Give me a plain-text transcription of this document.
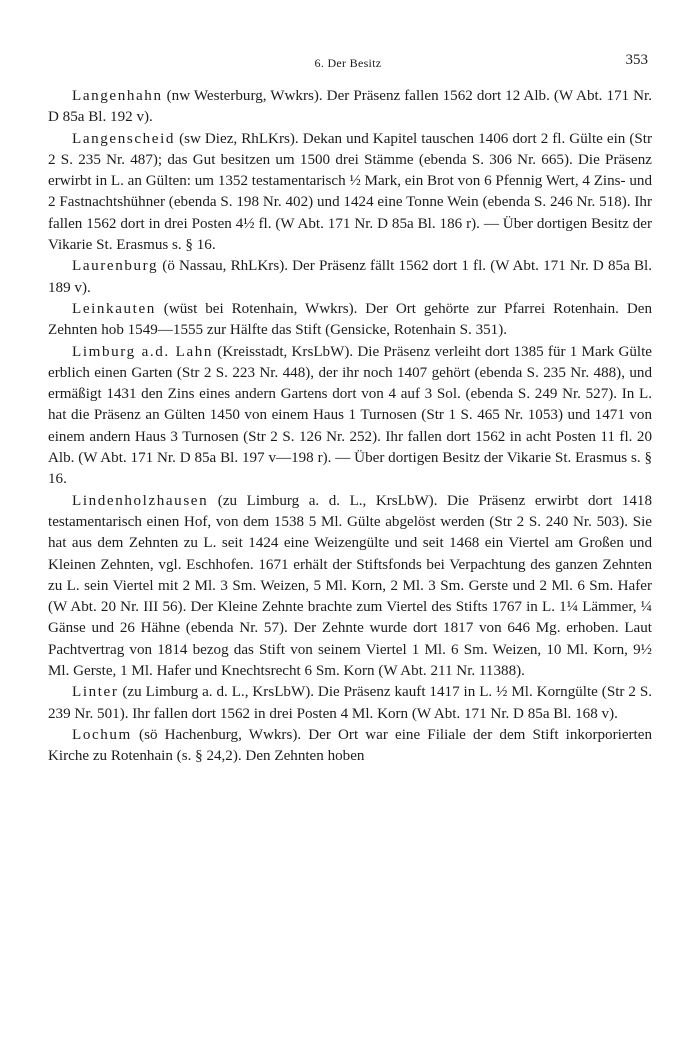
6. Der Besitz	353

Langenhahn (nw Westerburg, Wwkrs). Der Präsenz fallen 1562 dort 12 Alb. (W Abt. 171 Nr. D 85a Bl. 192 v).

Langenscheid (sw Diez, RhLKrs). Dekan und Kapitel tauschen 1406 dort 2 fl. Gülte ein (Str 2 S. 235 Nr. 487); das Gut besitzen um 1500 drei Stämme (ebenda S. 306 Nr. 665). Die Präsenz erwirbt in L. an Gülten: um 1352 testamentarisch ½ Mark, ein Brot von 6 Pfennig Wert, 4 Zins- und 2 Fastnachtshühner (ebenda S. 198 Nr. 402) und 1424 eine Tonne Wein (ebenda S. 246 Nr. 518). Ihr fallen 1562 dort in drei Posten 4½ fl. (W Abt. 171 Nr. D 85a Bl. 186 r). — Über dortigen Besitz der Vikarie St. Erasmus s. § 16.

Laurenburg (ö Nassau, RhLKrs). Der Präsenz fällt 1562 dort 1 fl. (W Abt. 171 Nr. D 85a Bl. 189 v).

Leinkauten (wüst bei Rotenhain, Wwkrs). Der Ort gehörte zur Pfarrei Rotenhain. Den Zehnten hob 1549—1555 zur Hälfte das Stift (Gensicke, Rotenhain S. 351).

Limburg a.d. Lahn (Kreisstadt, KrsLbW). Die Präsenz verleiht dort 1385 für 1 Mark Gülte erblich einen Garten (Str 2 S. 223 Nr. 448), der ihr noch 1407 gehört (ebenda S. 235 Nr. 488), und ermäßigt 1431 den Zins eines andern Gartens dort von 4 auf 3 Sol. (ebenda S. 249 Nr. 527). In L. hat die Präsenz an Gülten 1450 von einem Haus 1 Turnosen (Str 1 S. 465 Nr. 1053) und 1471 von einem andern Haus 3 Turnosen (Str 2 S. 126 Nr. 252). Ihr fallen dort 1562 in acht Posten 11 fl. 20 Alb. (W Abt. 171 Nr. D 85a Bl. 197 v—198 r). — Über dortigen Besitz der Vikarie St. Erasmus s. § 16.

Lindenholzhausen (zu Limburg a. d. L., KrsLbW). Die Präsenz erwirbt dort 1418 testamentarisch einen Hof, von dem 1538 5 Ml. Gülte abgelöst werden (Str 2 S. 240 Nr. 503). Sie hat aus dem Zehnten zu L. seit 1424 eine Weizengülte und seit 1468 ein Viertel am Großen und Kleinen Zehnten, vgl. Eschhofen. 1671 erhält der Stiftsfonds bei Verpachtung des ganzen Zehnten zu L. sein Viertel mit 2 Ml. 3 Sm. Weizen, 5 Ml. Korn, 2 Ml. 3 Sm. Gerste und 2 Ml. 6 Sm. Hafer (W Abt. 20 Nr. III 56). Der Kleine Zehnte brachte zum Viertel des Stifts 1767 in L. 1¼ Lämmer, ¼ Gänse und 26 Hähne (ebenda Nr. 57). Der Zehnte wurde dort 1817 von 646 Mg. erhoben. Laut Pachtvertrag von 1814 bezog das Stift von seinem Viertel 1 Ml. 6 Sm. Weizen, 10 Ml. Korn, 9½ Ml. Gerste, 1 Ml. Hafer und Knechtsrecht 6 Sm. Korn (W Abt. 211 Nr. 11388).

Linter (zu Limburg a. d. L., KrsLbW). Die Präsenz kauft 1417 in L. ½ Ml. Korngülte (Str 2 S. 239 Nr. 501). Ihr fallen dort 1562 in drei Posten 4 Ml. Korn (W Abt. 171 Nr. D 85a Bl. 168 v).

Lochum (sö Hachenburg, Wwkrs). Der Ort war eine Filiale der dem Stift inkorporierten Kirche zu Rotenhain (s. § 24,2). Den Zehnten hoben
